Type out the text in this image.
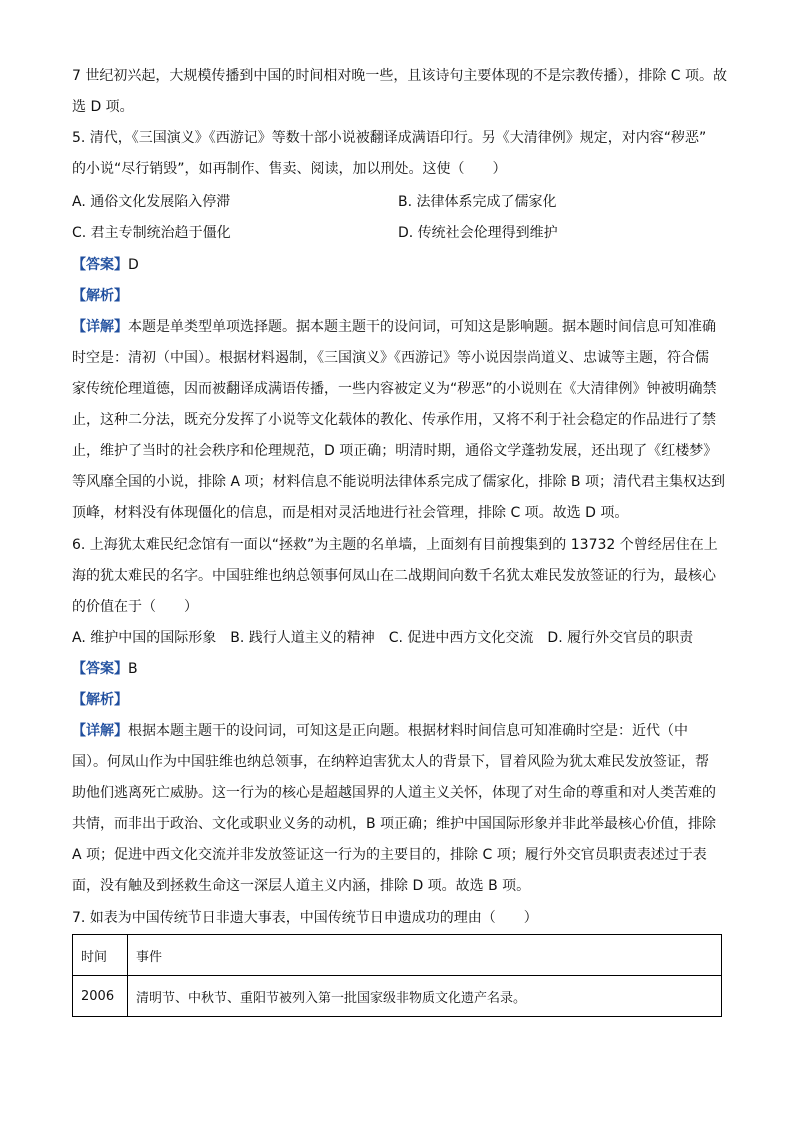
7 世纪初兴起，大规模传播到中国的时间相对晚一些，且该诗句主要体现的不是宗教传播），排除 C 项。故
选 D 项。
5. 清代，《三国演义》《西游记》等数十部小说被翻译成满语印行。另《大清律例》规定，对内容“秽恶”
的小说“尽行销毁”，如再制作、售卖、阅读，加以刑处。这使（　　）
A. 通俗文化发展陷入停滞	B. 法律体系完成了儒家化
C. 君主专制统治趋于僵化	D. 传统社会伦理得到维护
【答案】D
【解析】
【详解】本题是单类型单项选择题。据本题主题干的设问词，可知这是影响题。据本题时间信息可知准确
时空是：清初（中国）。根据材料遏制，《三国演义》《西游记》等小说因崇尚道义、忠诚等主题，符合儒
家传统伦理道德，因而被翻译成满语传播，一些内容被定义为“秽恶”的小说则在《大清律例》钟被明确禁
止，这种二分法，既充分发挥了小说等文化载体的教化、传承作用，又将不利于社会稳定的作品进行了禁
止，维护了当时的社会秩序和伦理规范，D 项正确；明清时期，通俗文学蓬勃发展，还出现了《红楼梦》
等风靡全国的小说，排除 A 项；材料信息不能说明法律体系完成了儒家化，排除 B 项；清代君主集权达到
顶峰，材料没有体现僵化的信息，而是相对灵活地进行社会管理，排除 C 项。故选 D 项。
6. 上海犹太难民纪念馆有一面以“拯救”为主题的名单墙，上面刻有目前搜集到的 13732 个曾经居住在上
海的犹太难民的名字。中国驻维也纳总领事何凤山在二战期间向数千名犹太难民发放签证的行为，最核心
的价值在于（　　）
A. 维护中国的国际形象　B. 践行人道主义的精神　C. 促进中西方文化交流　D. 履行外交官员的职责
【答案】B
【解析】
【详解】根据本题主题干的设问词，可知这是正向题。根据材料时间信息可知准确时空是：近代（中
国）。何凤山作为中国驻维也纳总领事，在纳粹迫害犹太人的背景下，冒着风险为犹太难民发放签证，帮
助他们逃离死亡威胁。这一行为的核心是超越国界的人道主义关怀，体现了对生命的尊重和对人类苦难的
共情，而非出于政治、文化或职业义务的动机，B 项正确；维护中国国际形象并非此举最核心价值，排除
A 项；促进中西文化交流并非发放签证这一行为的主要目的，排除 C 项；履行外交官员职责表述过于表
面，没有触及到拯救生命这一深层人道主义内涵，排除 D 项。故选 B 项。
7. 如表为中国传统节日非遗大事表，中国传统节日申遗成功的理由（　　）
时间	事件
2006	清明节、中秋节、重阳节被列入第一批国家级非物质文化遗产名录。
